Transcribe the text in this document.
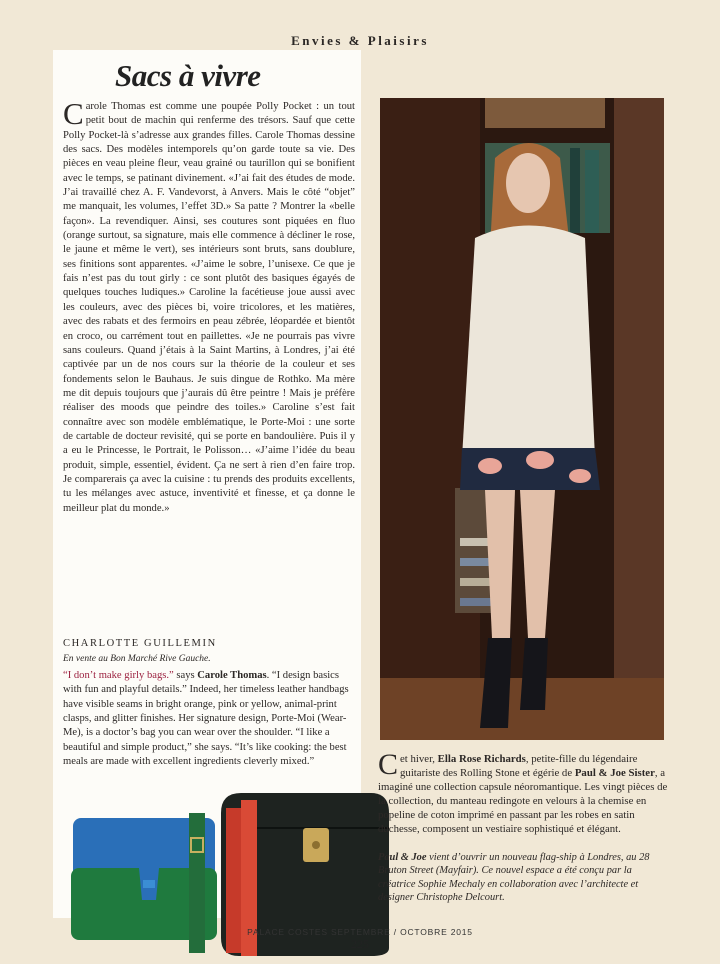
Envies & Plaisirs
Sacs à vivre

Carole Thomas est comme une poupée Polly Pocket : un tout petit bout de machin qui renferme des trésors. Sauf que cette Polly Pocket-là s’adresse aux grandes filles. Carole Thomas dessine des sacs. Des modèles intemporels qu’on garde toute sa vie. Des pièces en veau pleine fleur, veau grainé ou taurillon qui se bonifient avec le temps, se patinant divinement. «J’ai fait des études de mode. J’ai travaillé chez A. F. Vandevorst, à Anvers. Mais le côté “objet” me manquait, les volumes, l’effet 3D.» Sa patte ? Montrer la «belle façon». La revendiquer. Ainsi, ses coutures sont piquées en fluo (orange surtout, sa signature, mais elle commence à décliner le rose, le jaune et même le vert), ses intérieurs sont bruts, sans doublure, ses finitions sont apparentes. «J’aime le sobre, l’unisexe. Ce que je fais n’est pas du tout girly : ce sont plutôt des basiques égayés de quelques touches ludiques.» Caroline la facétieuse joue aussi avec les couleurs, avec des pièces bi, voire tricolores, et les matières, avec des rabats et des fermoirs en peau zébrée, léopardée et bientôt en croco, ou carrément tout en paillettes. «Je ne pourrais pas vivre sans couleurs. Quand j’étais à la Saint Martins, à Londres, j’ai été captivée par un de nos cours sur la théorie de la couleur et ses fondements selon le Bauhaus. Je suis dingue de Rothko. Ma mère me dit depuis toujours que j’aurais dû être peintre ! Mais je préfère réaliser des moods que peindre des toiles.» Caroline s’est fait connaître avec son modèle emblématique, le Porte-Moi : une sorte de cartable de docteur revisité, qui se porte en bandoulière. Puis il y a eu le Princesse, le Portrait, le Polisson… «J’aime l’idée du beau produit, simple, essentiel, évident. Ça ne sert à rien d’en faire trop. Je comparerais ça avec la cuisine : tu prends des produits excellents, tu les mélanges avec astuce, inventivité et finesse, et ça donne le meilleur plat du monde.»

CHARLOTTE GUILLEMIN
En vente au Bon Marché Rive Gauche.
“I don’t make girly bags.” says Carole Thomas. “I design basics with fun and playful details.” Indeed, her timeless leather handbags have visible seams in bright orange, pink or yellow, animal-print clasps, and glitter finishes. Her signature design, Porte-Moi (Wear-Me), is a doctor’s bag you can wear over the shoulder. “I like a beautiful and simple product,” she says. “It’s like cooking: the best meals are made with excellent ingredients cleverly mixed.”	Cet hiver, Ella Rose Richards, petite-fille du légendaire guitariste des Rolling Stone et égérie de Paul & Joe Sister, a imaginé une collection capsule néoromantique. Les vingt pièces de la collection, du manteau redingote en velours à la chemise en popeline de coton imprimé en passant par les robes en satin duchesse, composent un vestiaire sophistiqué et élégant.
Paul & Joe vient d’ouvrir un nouveau flag-ship à Londres, au 28 Bruton Street (Mayfair). Ce nouvel espace a été conçu par la créatrice Sophie Mechaly en collaboration avec l’architecte et designer Christophe Delcourt.
PALACE COSTES SEPTEMBRE / OCTOBRE 2015
225
